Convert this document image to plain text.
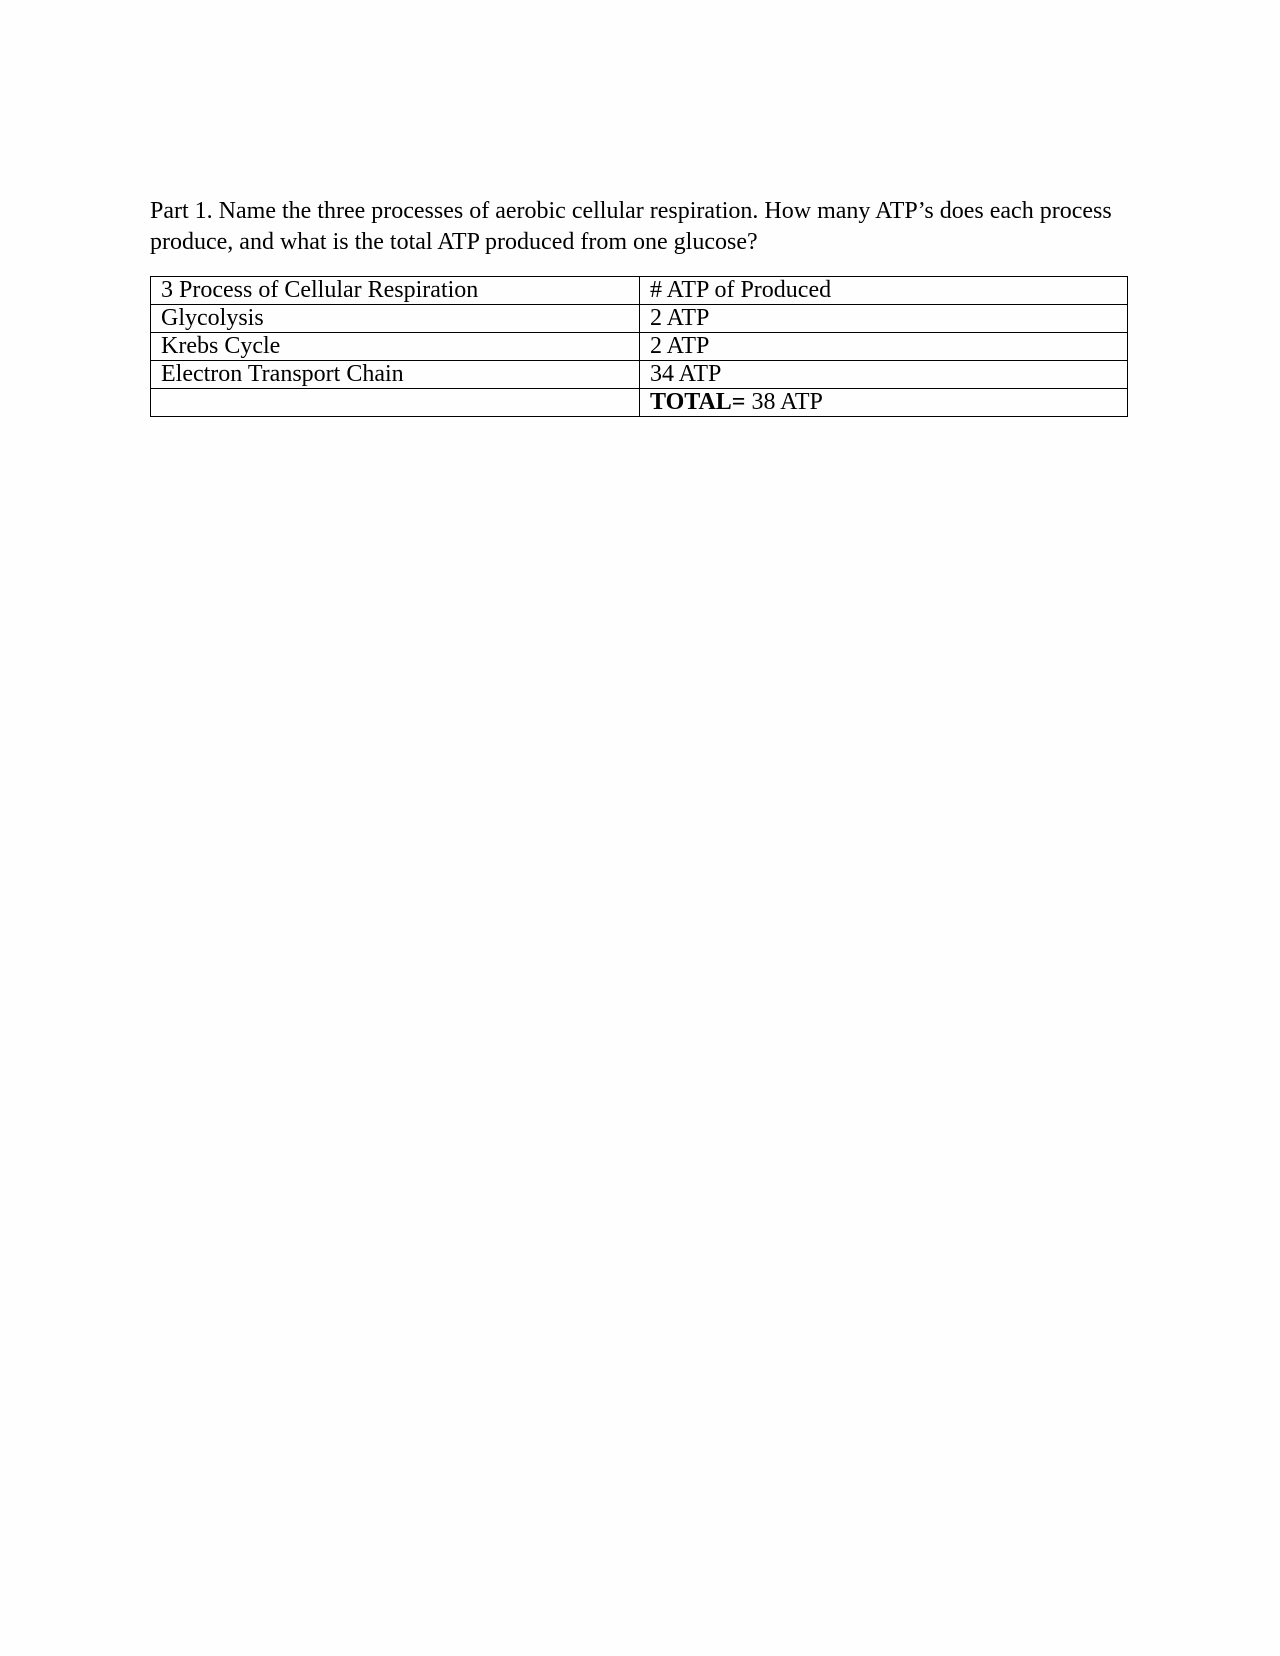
Part 1. Name the three processes of aerobic cellular respiration. How many ATP’s does each process produce, and what is the total ATP produced from one glucose?

3 Process of Cellular Respiration	# ATP of Produced
Glycolysis	2 ATP
Krebs Cycle	2 ATP
Electron Transport Chain	34 ATP
	TOTAL= 38 ATP
